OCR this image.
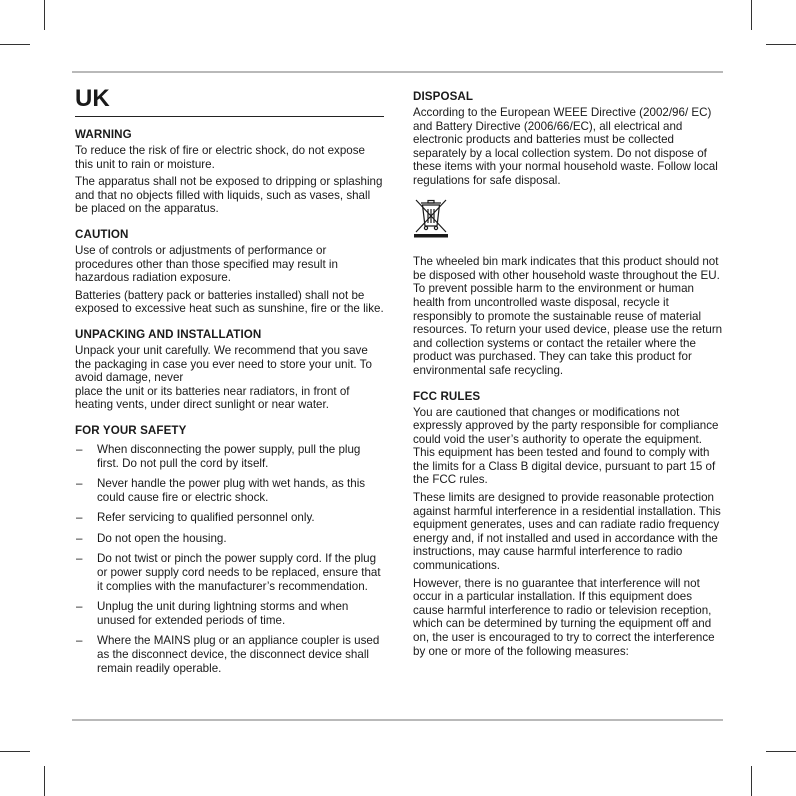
UK
WARNING

To reduce the risk of fire or electric shock, do not expose this unit to rain or moisture.

The apparatus shall not be exposed to dripping or splashing and that no objects filled with liquids, such as vases, shall be placed on the apparatus.

CAUTION

Use of controls or adjustments of performance or procedures other than those specified may result in hazardous radiation exposure.

Batteries (battery pack or batteries installed) shall not be exposed to excessive heat such as sunshine, fire or the like.

UNPACKING AND INSTALLATION

Unpack your unit carefully. We recommend that you save the packaging in case you ever need to store your unit. To avoid damage, never

place the unit or its batteries near radiators, in front of heating vents, under direct sunlight or near water.

FOR YOUR SAFETY
– When disconnecting the power supply, pull the plug first. Do not pull the cord by itself.
– Never handle the power plug with wet hands, as this could cause fire or electric shock.
– Refer servicing to qualified personnel only.
– Do not open the housing.
– Do not twist or pinch the power supply cord. If the plug or power supply cord needs to be replaced, ensure that it complies with the manufacturer’s recommendation.
– Unplug the unit during lightning storms and when unused for extended periods of time.
– Where the MAINS plug or an appliance coupler is used as the disconnect device, the disconnect device shall remain readily operable.
DISPOSAL

According to the European WEEE Directive (2002/96/ EC) and Battery Directive (2006/66/EC), all electrical and electronic products and batteries must be collected separately by a local collection system. Do not dispose of these items with your normal household waste. Follow local regulations for safe disposal.

The wheeled bin mark indicates that this product should not be disposed with other household waste throughout the EU. To prevent possible harm to the environment or human health from uncontrolled waste disposal, recycle it responsibly to promote the sustainable reuse of material resources. To return your used device, please use the return and collection systems or contact the retailer where the product was purchased. They can take this product for environmental safe recycling.

FCC RULES

You are cautioned that changes or modifications not expressly approved by the party responsible for compliance could void the user’s authority to operate the equipment. This equipment has been tested and found to comply with the limits for a Class B digital device, pursuant to part 15 of the FCC rules.

These limits are designed to provide reasonable protection against harmful interference in a residential installation. This equipment generates, uses and can radiate radio frequency energy and, if not installed and used in accordance with the instructions, may cause harmful interference to radio communications.

However, there is no guarantee that interference will not occur in a particular installation. If this equipment does cause harmful interference to radio or television reception, which can be determined by turning the equipment off and on, the user is encouraged to try to correct the interference by one or more of the following measures:
